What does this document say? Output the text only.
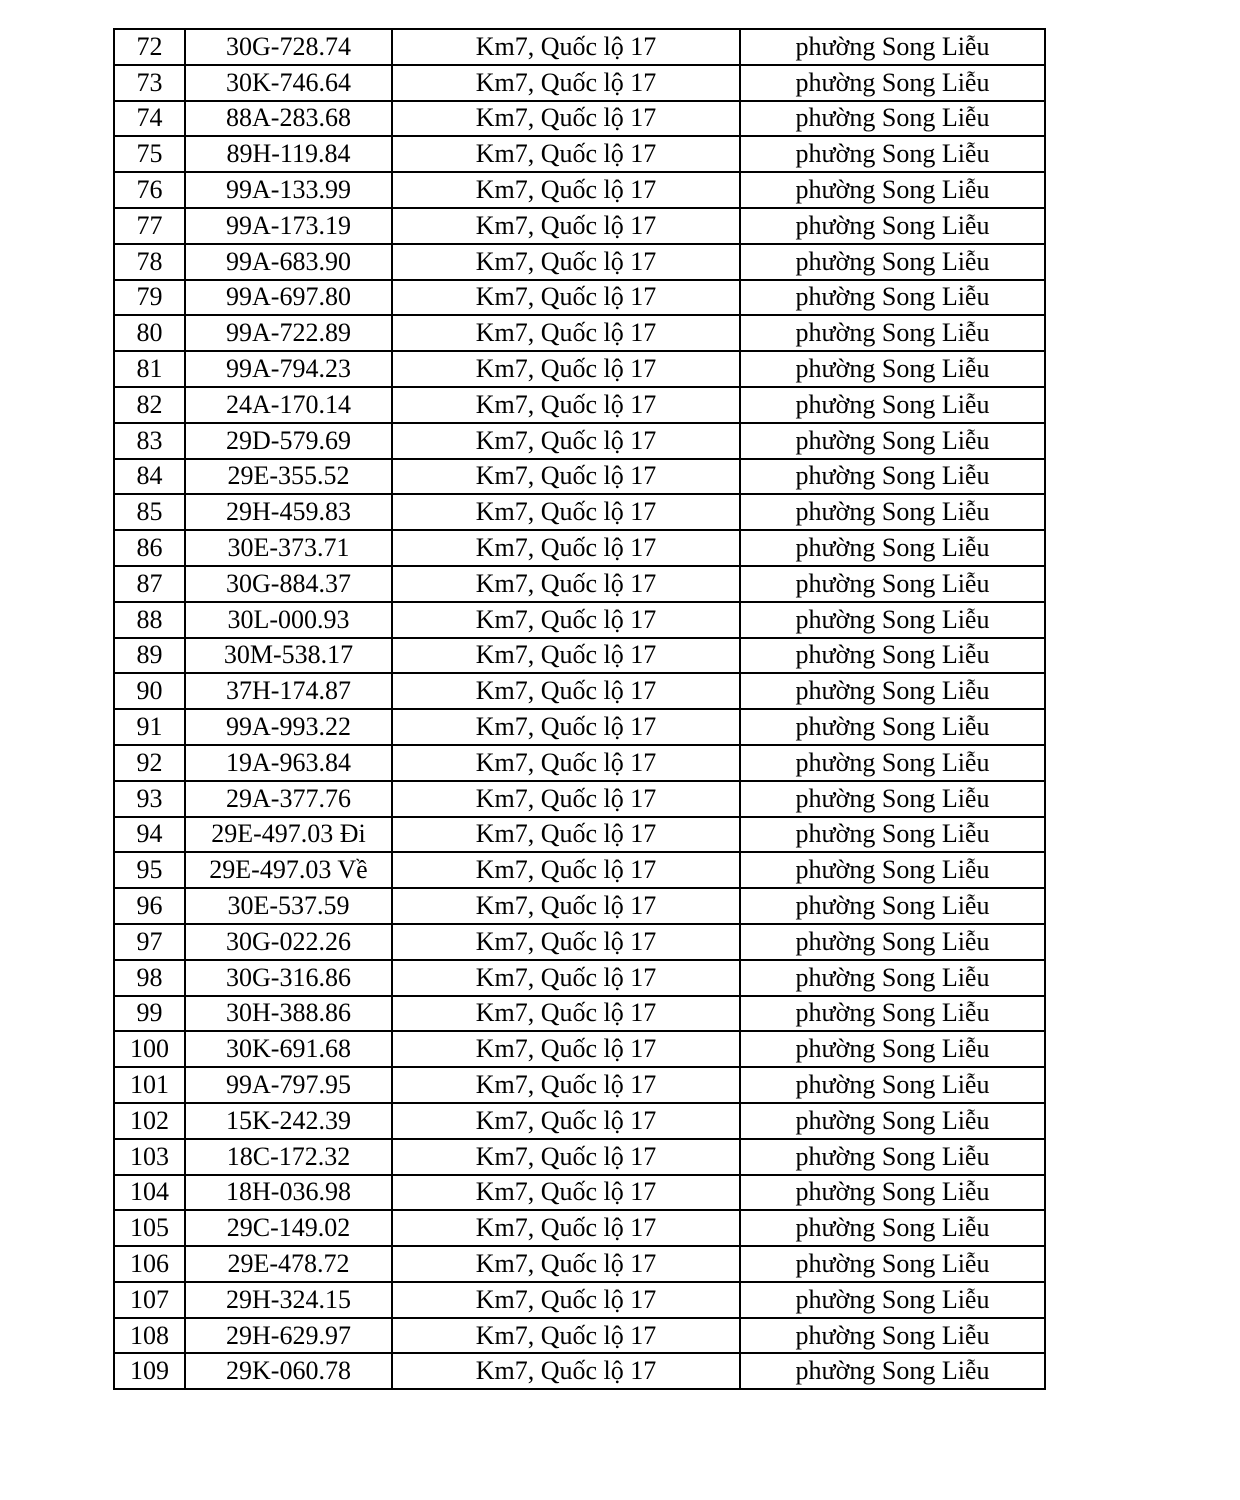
72	30G-728.74	Km7, Quốc lộ 17	phường Song Liễu
73	30K-746.64	Km7, Quốc lộ 17	phường Song Liễu
74	88A-283.68	Km7, Quốc lộ 17	phường Song Liễu
75	89H-119.84	Km7, Quốc lộ 17	phường Song Liễu
76	99A-133.99	Km7, Quốc lộ 17	phường Song Liễu
77	99A-173.19	Km7, Quốc lộ 17	phường Song Liễu
78	99A-683.90	Km7, Quốc lộ 17	phường Song Liễu
79	99A-697.80	Km7, Quốc lộ 17	phường Song Liễu
80	99A-722.89	Km7, Quốc lộ 17	phường Song Liễu
81	99A-794.23	Km7, Quốc lộ 17	phường Song Liễu
82	24A-170.14	Km7, Quốc lộ 17	phường Song Liễu
83	29D-579.69	Km7, Quốc lộ 17	phường Song Liễu
84	29E-355.52	Km7, Quốc lộ 17	phường Song Liễu
85	29H-459.83	Km7, Quốc lộ 17	phường Song Liễu
86	30E-373.71	Km7, Quốc lộ 17	phường Song Liễu
87	30G-884.37	Km7, Quốc lộ 17	phường Song Liễu
88	30L-000.93	Km7, Quốc lộ 17	phường Song Liễu
89	30M-538.17	Km7, Quốc lộ 17	phường Song Liễu
90	37H-174.87	Km7, Quốc lộ 17	phường Song Liễu
91	99A-993.22	Km7, Quốc lộ 17	phường Song Liễu
92	19A-963.84	Km7, Quốc lộ 17	phường Song Liễu
93	29A-377.76	Km7, Quốc lộ 17	phường Song Liễu
94	29E-497.03 Đi	Km7, Quốc lộ 17	phường Song Liễu
95	29E-497.03 Về	Km7, Quốc lộ 17	phường Song Liễu
96	30E-537.59	Km7, Quốc lộ 17	phường Song Liễu
97	30G-022.26	Km7, Quốc lộ 17	phường Song Liễu
98	30G-316.86	Km7, Quốc lộ 17	phường Song Liễu
99	30H-388.86	Km7, Quốc lộ 17	phường Song Liễu
100	30K-691.68	Km7, Quốc lộ 17	phường Song Liễu
101	99A-797.95	Km7, Quốc lộ 17	phường Song Liễu
102	15K-242.39	Km7, Quốc lộ 17	phường Song Liễu
103	18C-172.32	Km7, Quốc lộ 17	phường Song Liễu
104	18H-036.98	Km7, Quốc lộ 17	phường Song Liễu
105	29C-149.02	Km7, Quốc lộ 17	phường Song Liễu
106	29E-478.72	Km7, Quốc lộ 17	phường Song Liễu
107	29H-324.15	Km7, Quốc lộ 17	phường Song Liễu
108	29H-629.97	Km7, Quốc lộ 17	phường Song Liễu
109	29K-060.78	Km7, Quốc lộ 17	phường Song Liễu
